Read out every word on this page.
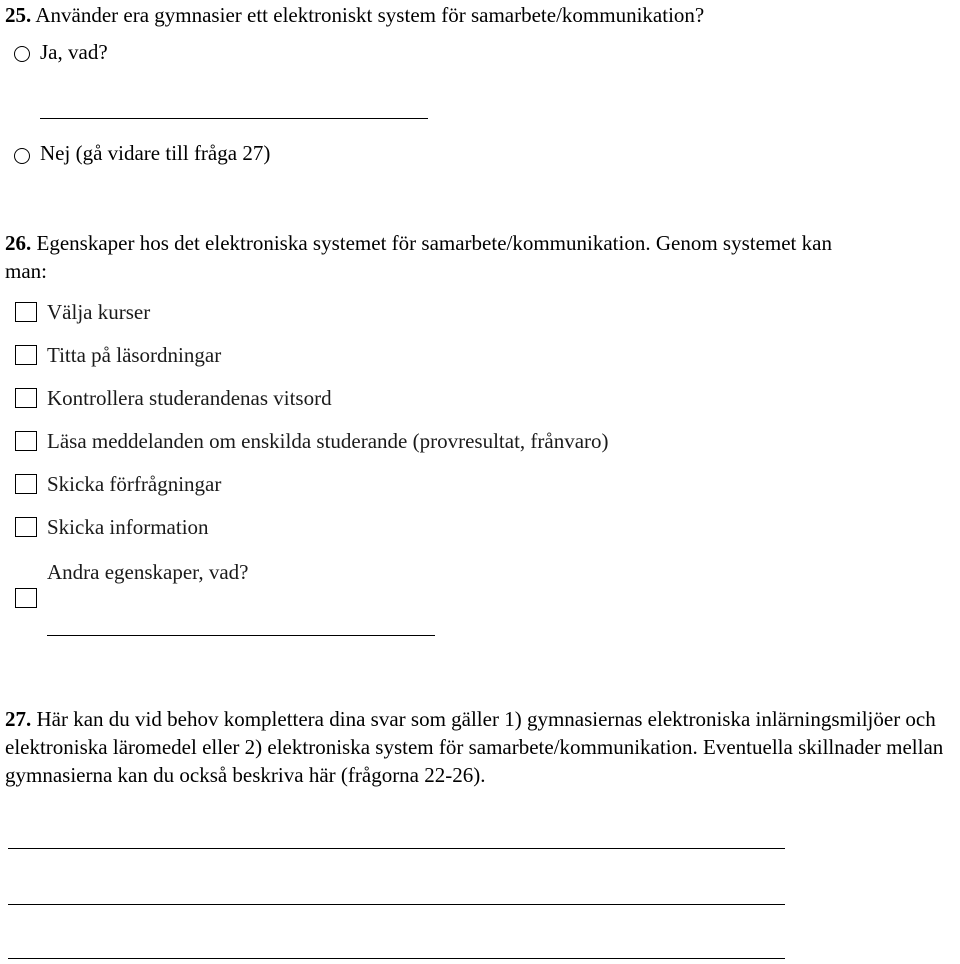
25. Använder era gymnasier ett elektroniskt system för samarbete/kommunikation?
Ja, vad?
Nej (gå vidare till fråga 27)
26. Egenskaper hos det elektroniska systemet för samarbete/kommunikation. Genom systemet kan
man:
Välja kurser
Titta på läsordningar
Kontrollera studerandenas vitsord
Läsa meddelanden om enskilda studerande (provresultat, frånvaro)
Skicka förfrågningar
Skicka information
Andra egenskaper, vad?
27. Här kan du vid behov komplettera dina svar som gäller 1) gymnasiernas elektroniska inlärningsmiljöer och elektroniska läromedel eller 2) elektroniska system för samarbete/kommunikation. Eventuella skillnader mellan gymnasierna kan du också beskriva här (frågorna 22-26).
